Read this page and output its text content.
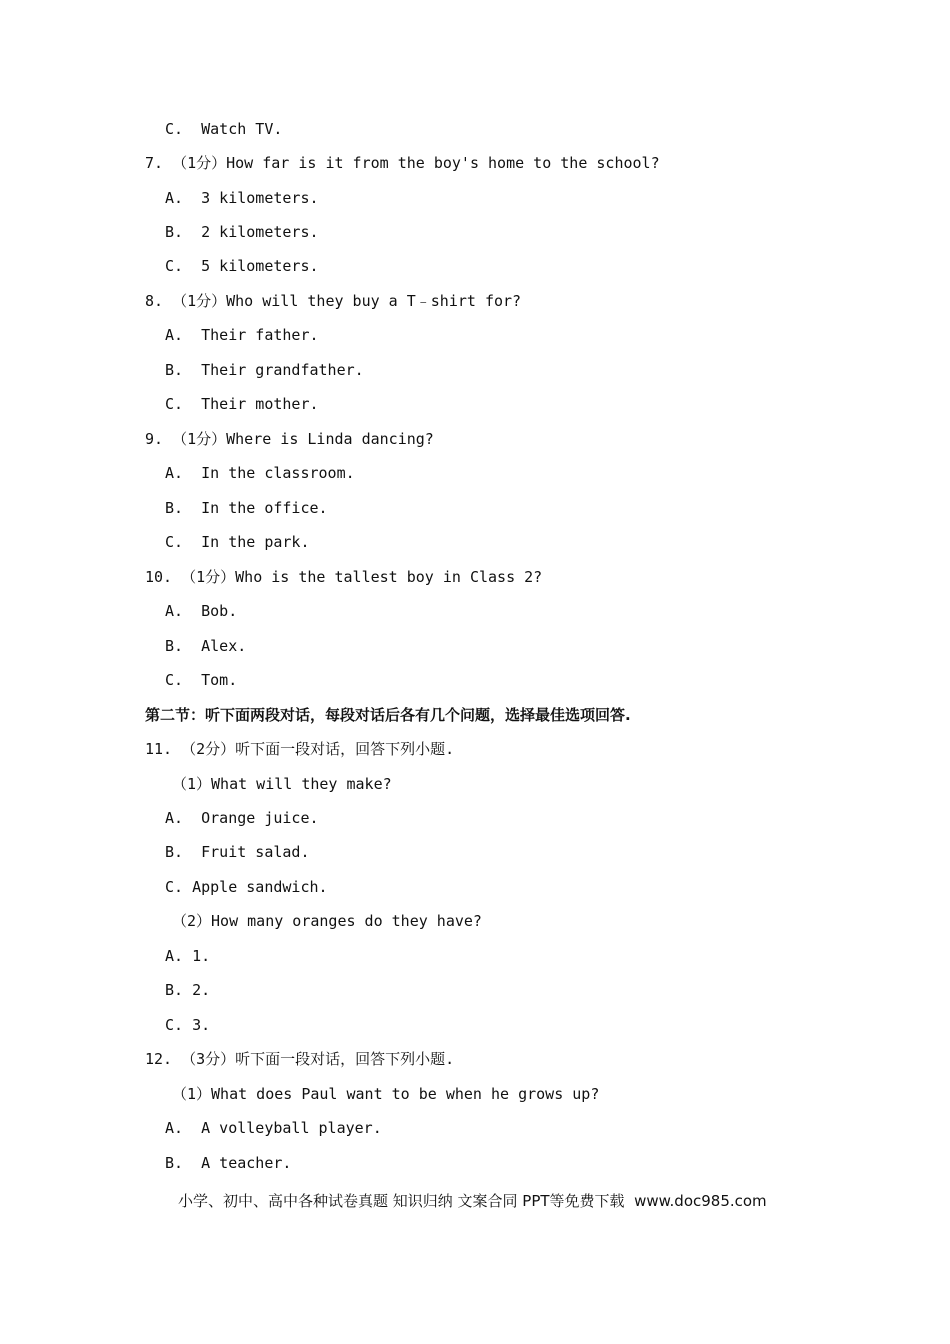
C.  Watch TV.
7. （1分）How far is it from the boy's home to the school?
A.  3 kilometers.
B.  2 kilometers.
C.  5 kilometers.
8. （1分）Who will they buy a T﹣shirt for?
A.  Their father.
B.  Their grandfather.
C.  Their mother.
9. （1分）Where is Linda dancing?
A.  In the classroom.
B.  In the office.
C.  In the park.
10. （1分）Who is the tallest boy in Class 2?
A.  Bob.
B.  Alex.
C.  Tom.
第二节：听下面两段对话，每段对话后各有几个问题，选择最佳选项回答.
11. （2分）听下面一段对话，回答下列小题.
（1）What will they make?
A.  Orange juice.
B.  Fruit salad.
C. Apple sandwich.
（2）How many oranges do they have?
A. 1.
B. 2.
C. 3.
12. （3分）听下面一段对话，回答下列小题.
（1）What does Paul want to be when he grows up?
A.  A volleyball player.
B.  A teacher.
小学、初中、高中各种试卷真题 知识归纳 文案合同 PPT等免费下载  www.doc985.com
